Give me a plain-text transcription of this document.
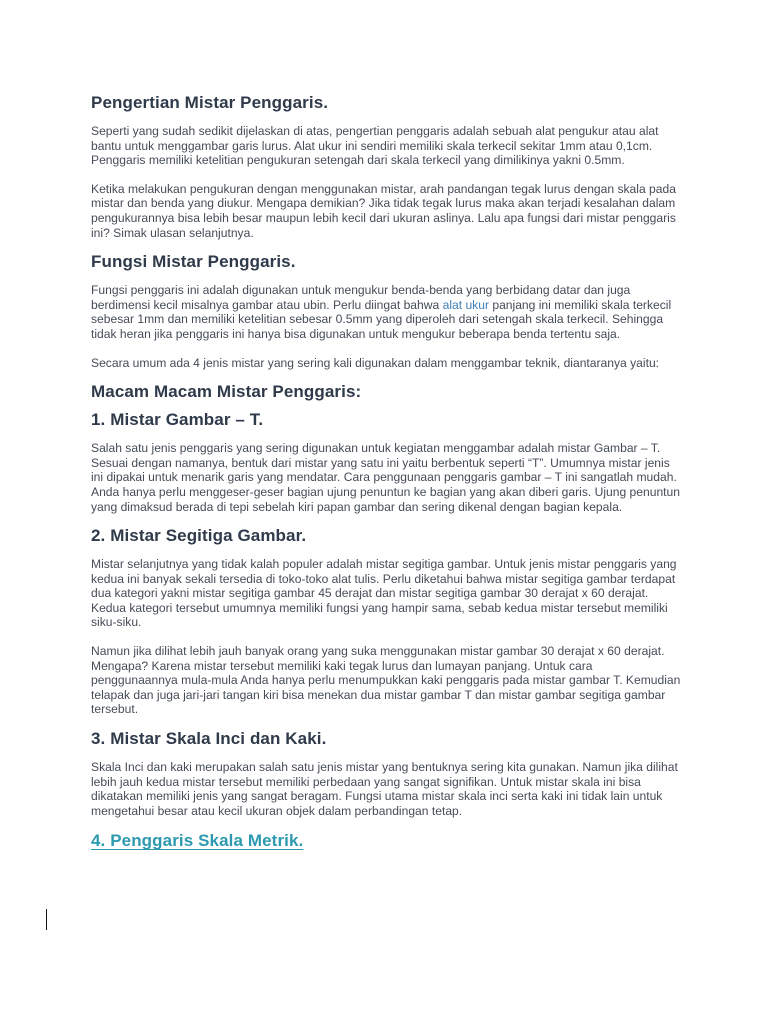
Pengertian Mistar Penggaris.

Seperti yang sudah sedikit dijelaskan di atas, pengertian penggaris adalah sebuah alat pengukur atau alat bantu untuk menggambar garis lurus. Alat ukur ini sendiri memiliki skala terkecil sekitar 1mm atau 0,1cm. Penggaris memiliki ketelitian pengukuran setengah dari skala terkecil yang dimilikinya yakni 0.5mm.

Ketika melakukan pengukuran dengan menggunakan mistar, arah pandangan tegak lurus dengan skala pada mistar dan benda yang diukur. Mengapa demikian? Jika tidak tegak lurus maka akan terjadi kesalahan dalam pengukurannya bisa lebih besar maupun lebih kecil dari ukuran aslinya. Lalu apa fungsi dari mistar penggaris ini? Simak ulasan selanjutnya.

Fungsi Mistar Penggaris.

Fungsi penggaris ini adalah digunakan untuk mengukur benda-benda yang berbidang datar dan juga berdimensi kecil misalnya gambar atau ubin. Perlu diingat bahwa alat ukur panjang ini memiliki skala terkecil sebesar 1mm dan memiliki ketelitian sebesar 0.5mm yang diperoleh dari setengah skala terkecil. Sehingga tidak heran jika penggaris ini hanya bisa digunakan untuk mengukur beberapa benda tertentu saja.

Secara umum ada 4 jenis mistar yang sering kali digunakan dalam menggambar teknik, diantaranya yaitu:

Macam Macam Mistar Penggaris:
1. Mistar Gambar – T.

Salah satu jenis penggaris yang sering digunakan untuk kegiatan menggambar adalah mistar Gambar – T. Sesuai dengan namanya, bentuk dari mistar yang satu ini yaitu berbentuk seperti “T”. Umumnya mistar jenis ini dipakai untuk menarik garis yang mendatar. Cara penggunaan penggaris gambar – T ini sangatlah mudah. Anda hanya perlu menggeser-geser bagian ujung penuntun ke bagian yang akan diberi garis. Ujung penuntun yang dimaksud berada di tepi sebelah kiri papan gambar dan sering dikenal dengan bagian kepala.

2. Mistar Segitiga Gambar.

Mistar selanjutnya yang tidak kalah populer adalah mistar segitiga gambar. Untuk jenis mistar penggaris yang kedua ini banyak sekali tersedia di toko-toko alat tulis. Perlu diketahui bahwa mistar segitiga gambar terdapat dua kategori yakni mistar segitiga gambar 45 derajat dan mistar segitiga gambar 30 derajat x 60 derajat. Kedua kategori tersebut umumnya memiliki fungsi yang hampir sama, sebab kedua mistar tersebut memiliki siku-siku.

Namun jika dilihat lebih jauh banyak orang yang suka menggunakan mistar gambar 30 derajat x 60 derajat. Mengapa? Karena mistar tersebut memiliki kaki tegak lurus dan lumayan panjang. Untuk cara penggunaannya mula-mula Anda hanya perlu menumpukkan kaki penggaris pada mistar gambar T. Kemudian telapak dan juga jari-jari tangan kiri bisa menekan dua mistar gambar T dan mistar gambar segitiga gambar tersebut.

3. Mistar Skala Inci dan Kaki.

Skala Inci dan kaki merupakan salah satu jenis mistar yang bentuknya sering kita gunakan. Namun jika dilihat lebih jauh kedua mistar tersebut memiliki perbedaan yang sangat signifikan. Untuk mistar skala ini bisa dikatakan memiliki jenis yang sangat beragam. Fungsi utama mistar skala inci serta kaki ini tidak lain untuk mengetahui besar atau kecil ukuran objek dalam perbandingan tetap.

4. Penggaris Skala Metrik.
